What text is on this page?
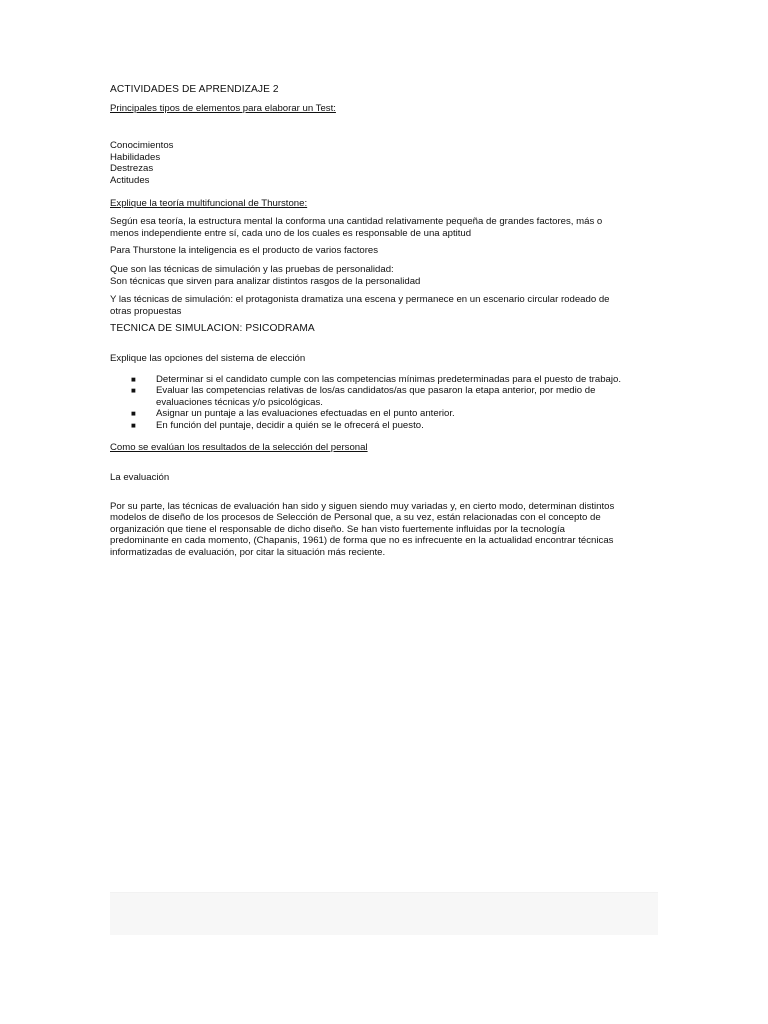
ACTIVIDADES DE APRENDIZAJE 2
Principales tipos de elementos para elaborar un Test:
Conocimientos
Habilidades
Destrezas
Actitudes
Explique la teoría multifuncional de Thurstone:
Según esa teoría, la estructura mental la conforma una cantidad relativamente pequeña de grandes factores, más o
menos independiente entre sí, cada uno de los cuales es responsable de una aptitud
Para Thurstone la inteligencia es el producto de varios factores
Que son las técnicas de simulación y las pruebas de personalidad:
Son técnicas que sirven para analizar distintos rasgos de la personalidad
Y las técnicas de simulación: el protagonista dramatiza una escena y permanece en un escenario circular rodeado de
otras propuestas
TECNICA DE SIMULACION: PSICODRAMA
Explique las opciones del sistema de elección
■ Determinar si el candidato cumple con las competencias mínimas predeterminadas para el puesto de trabajo.
■ Evaluar las competencias relativas de los/as candidatos/as que pasaron la etapa anterior, por medio de
evaluaciones técnicas y/o psicológicas.
■ Asignar un puntaje a las evaluaciones efectuadas en el punto anterior.
■ En función del puntaje, decidir a quién se le ofrecerá el puesto.
Como se evalúan los resultados de la selección del personal
La evaluación
Por su parte, las técnicas de evaluación han sido y siguen siendo muy variadas y, en cierto modo, determinan distintos
modelos de diseño de los procesos de Selección de Personal que, a su vez, están relacionadas con el concepto de
organización que tiene el responsable de dicho diseño. Se han visto fuertemente influidas por la tecnología
predominante en cada momento, (Chapanis, 1961) de forma que no es infrecuente en la actualidad encontrar técnicas
informatizadas de evaluación, por citar la situación más reciente.
